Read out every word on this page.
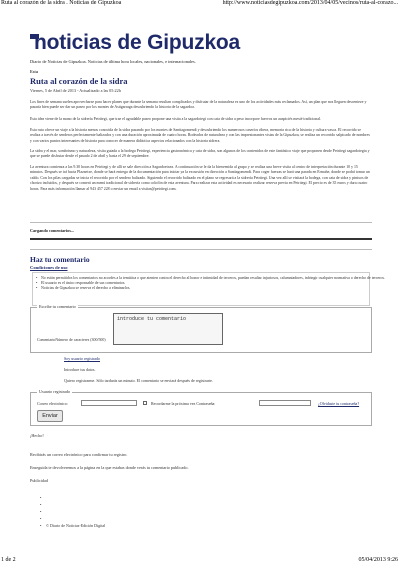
Ruta al corazón de la sidra . Noticias de Gipuzkoa	http://www.noticiasdegipuzkoa.com/2013/04/05/vecinos/ruta-al-corazo...
noticias de Gipuzkoa
Diario de Noticias de Gipuzkoa. Noticias de última hora locales, nacionales, e internacionales.
Esta
Ruta al corazón de la sidra
Viernes, 5 de Abril de 2013 - Actualizado a las 05:22h
Los fines de semana suelen aprovecharse para hacer planes que durante la semana resultan complicados y disfrutar de la naturaleza es uno de los actividades más reclamados. Así, un plan que nos lleguen descenteze y pasaría bien puede ser dar un paseo por los montes de Astigarraga descubriendo la historia de la sagardoa.
Esta idea viene de la mano de la sidrería Petritegi, que trae el agradable paseo propone una visita a la sagardotegi con cata de sidra a peso incorpore fuervos un auspiciés mesté tradicional.
Esta ruta ofrece un viaje a la historia menos conocida de la sidra pasando por los montes de Santiagomendi y descubriendo los numerosos caseríos ribera, memoria rica de la historia y cultura vasca. El recorrido se realiza a través de senderos perfectamente balizados y con una duración aproximada de cuatro horas. Rodeados de naturaleza y con las impresionantes vistas de la Gipuzkoa, se realiza un recorrido salpicado de nombres y con varios puntos interesantes de historia para conocer de manera didáctica aspectos relacionados con la historia sidrera.
La sidra y el mar, sombrismo y naturaleza, visita guiada a la bodega Petritegi, experiencia gastronómica y cata de sidra, son algunos de los contenidos de este fantástico viaje que proponen desde Petritegi sagardotegia y que se puede disfrutar desde el pasado 2 de abril y hasta el 29 de septiembre.
La aventura comienza a las 9.30 horas en Petritegi y de allí se sale dirección a Sagardoetxea. A continuación se le da la bienvenida al grupo y se realiza una breve visita al centro de interpretación durante 10 y 15 minutos. Después se irá hacia Plazaetxe, donde se hará entrega de la documentación para iniciar ya la excursión en dirección a Santiagomendi. Para coger fuerzas se hará una parada en Ermahe, donde se podrá tomar un caldo. Con los pilas cargadas se inicia el recorrido por el sendero balizado. Siguiendo el recorrido balizado en el plano se regresará a la sidrería Petritegi. Una vez allí se visitará la bodega, con cata de sidra y pintxos de chorizo incluidos, y después se comerá un menú tradicional de sidrería como colofón de esta aventura. Para realizar esta actividad es necesario realizar reserva previa en Petritegi. El precio es de 35 euros y dura cuatro horas. Para más información llamar al 943 457 228 o enviar un email a visitas@petritegi.com.
Cargando comentarios...
Haz tu comentario
Condiciones de uso
• No están permitidos los comentarios no acordes a la temática o que atenten contra el derecho al honor e intimidad de terceros, puedan resultar injuriosos, calumniadores, infringir cualquier normativa o derecho de terceros.
• El usuario es el único responsable de sus comentarios.
• Noticias de Gipuzkoa se reserva el derecho a eliminarlos.
Escribe tu comentario
introduce tu comentario
ComentarioNúmero de caracteres (300/500)
Soy usuario registrado
Introduce tus datos.
Quiero registrarme. Sólo tardarás un minuto. El comentario se enviará después de registrarte.
Usuario registrado
Correo electrónico:	Recordarme la próxima vez Contraseña:	¿Olvidaste tu contraseña?
Enviar
¡Hecho!
Recibirás un correo electrónico para confirmar tu registro.
Enseguida te devolveremos a la página en la que estabas donde verás tu comentario publicado.
Publicidad
•
•
•
•
• © Diario de Noticias-Edición Digital
1 de 2	05/04/2013 9:26
